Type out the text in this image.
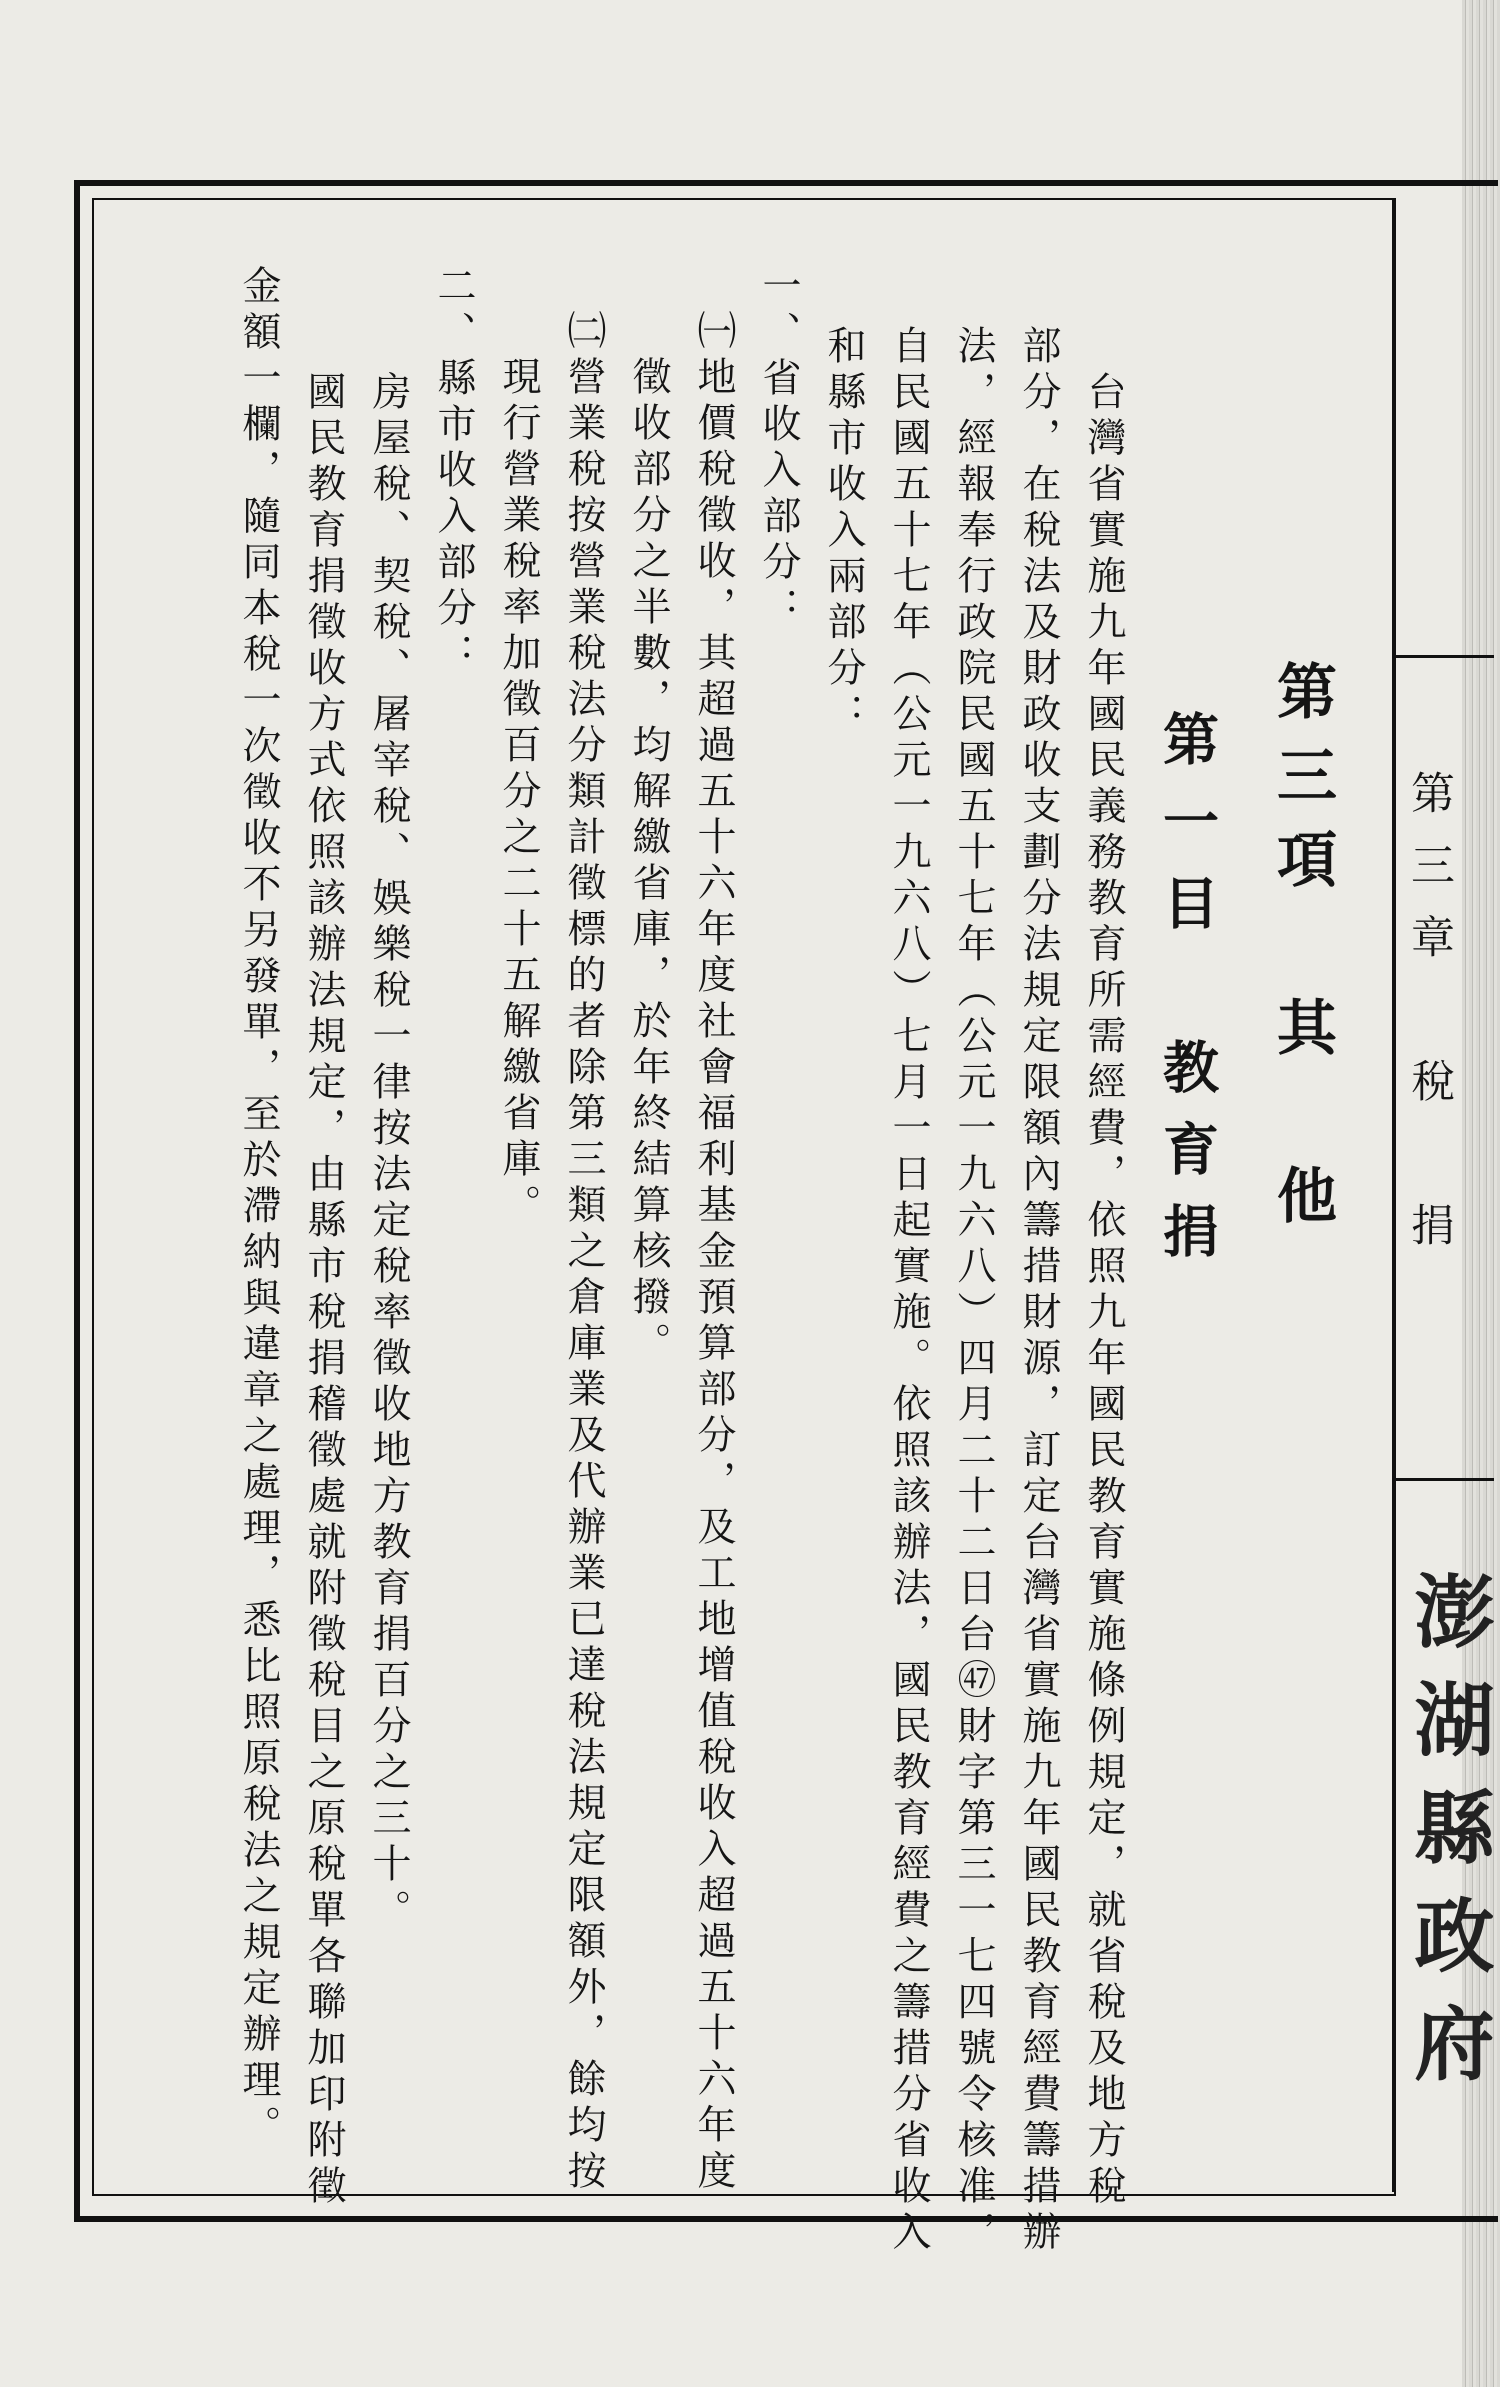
第三章　稅　捐
澎湖縣政府
第三項　其　他
第一目　教育捐
　台灣省實施九年國民義務教育所需經費，依照九年國民教育實施條例規定，就省稅及地方稅
部分，在稅法及財政收支劃分法規定限額內籌措財源，訂定台灣省實施九年國民教育經費籌措辦
法，經報奉行政院民國五十七年（公元一九六八）四月二十二日台㊼財字第三一七四號令核准，
自民國五十七年（公元一九六八）七月一日起實施。依照該辦法，國民教育經費之籌措分省收入
和縣市收入兩部分：
一、省收入部分：
㈠地價稅徵收，其超過五十六年度社會福利基金預算部分，及工地增值稅收入超過五十六年度
　徵收部分之半數，均解繳省庫，於年終結算核撥。
㈡營業稅按營業稅法分類計徵標的者除第三類之倉庫業及代辦業已達稅法規定限額外，餘均按
　現行營業稅率加徵百分之二十五解繳省庫。
二、縣市收入部分：
　房屋稅、契稅、屠宰稅、娛樂稅一律按法定稅率徵收地方教育捐百分之三十。
　國民教育捐徵收方式依照該辦法規定，由縣市稅捐稽徵處就附徵稅目之原稅單各聯加印附徵
金額一欄，隨同本稅一次徵收不另發單，至於滯納與違章之處理，悉比照原稅法之規定辦理。
